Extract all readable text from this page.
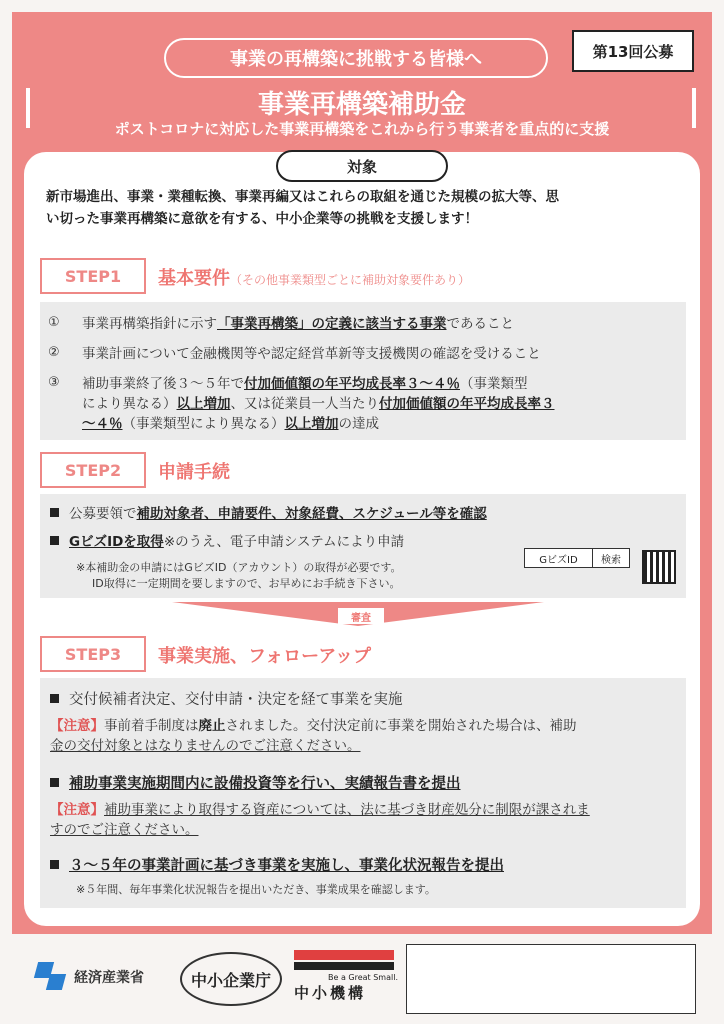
事業の再構築に挑戦する皆様へ	第13回公募
事業再構築補助金
ポストコロナに対応した事業再構築をこれから行う事業者を重点的に支援
対象
新市場進出、事業・業種転換、事業再編又はこれらの取組を通じた規模の拡大等、思
い切った事業再構築に意欲を有する、中小企業等の挑戦を支援します！
STEP1	基本要件（その他事業類型ごとに補助対象要件あり）
① 事業再構築指針に示す「事業再構築」の定義に該当する事業であること
② 事業計画について金融機関等や認定経営革新等支援機関の確認を受けること
③ 補助事業終了後３～５年で付加価値額の年平均成長率３～４％（事業類型
により異なる）以上増加、又は従業員一人当たり付加価値額の年平均成長率３
～４％（事業類型により異なる）以上増加の達成
STEP2	申請手続
公募要領で補助対象者、申請要件、対象経費、スケジュール等を確認
GビズIDを取得※のうえ、電子申請システムにより申請
※本補助金の申請にはGビズID（アカウント）の取得が必要です。
ID取得に一定期間を要しますので、お早めにお手続き下さい。
GビズID	検索
審査
STEP3	事業実施、フォローアップ
交付候補者決定、交付申請・決定を経て事業を実施
【注意】事前着手制度は廃止されました。交付決定前に事業を開始された場合は、補助
金の交付対象とはなりませんのでご注意ください。
補助事業実施期間内に設備投資等を行い、実績報告書を提出
【注意】補助事業により取得する資産については、法に基づき財産処分に制限が課されま
すのでご注意ください。
３～５年の事業計画に基づき事業を実施し、事業化状況報告を提出
※５年間、毎年事業化状況報告を提出いただき、事業成果を確認します。
経済産業省	中小企業庁	Be a Great Small.
中小機構
